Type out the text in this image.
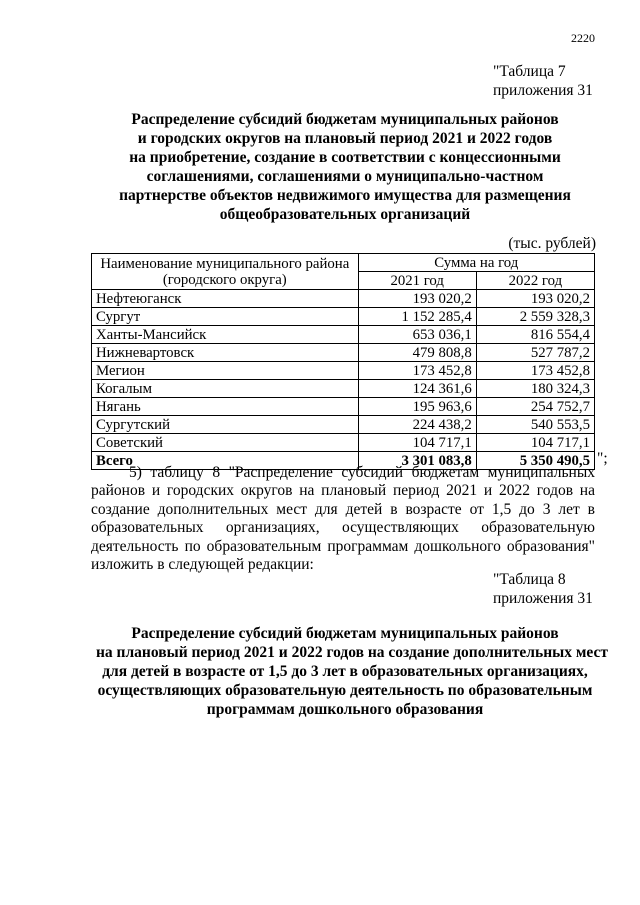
2220
"Таблица 7
приложения 31
Распределение субсидий бюджетам муниципальных районов
и городских округов на плановый период 2021 и 2022 годов
на приобретение, создание в соответствии с концессионными
соглашениями, соглашениями о муниципально-частном
партнерстве объектов недвижимого имущества для размещения
общеобразовательных организаций
(тыс. рублей)
Наименование муниципального района
(городского округа)	Сумма на год	
	2021 год	2022 год
Нефтеюганск	193 020,2	193 020,2
Сургут	1 152 285,4	2 559 328,3
Ханты-Мансийск	653 036,1	816 554,4
Нижневартовск	479 808,8	527 787,2
Мегион	173 452,8	173 452,8
Когалым	124 361,6	180 324,3
Нягань	195 963,6	254 752,7
Сургутский	224 438,2	540 553,5
Советский	104 717,1	104 717,1
Всего	3 301 083,8	5 350 490,5 ";
5) таблицу 8 "Распределение субсидий бюджетам муниципальных
районов и городских округов на плановый период 2021 и 2022 годов на
создание дополнительных мест для детей в возрасте от 1,5 до 3 лет в
образовательных организациях, осуществляющих образовательную
деятельность по образовательным программам дошкольного образования"
изложить в следующей редакции:
"Таблица 8
приложения 31
Распределение субсидий бюджетам муниципальных районов
на плановый период 2021 и 2022 годов на создание дополнительных мест
для детей в возрасте от 1,5 до 3 лет в образовательных организациях,
осуществляющих образовательную деятельность по образовательным
программам дошкольного образования
